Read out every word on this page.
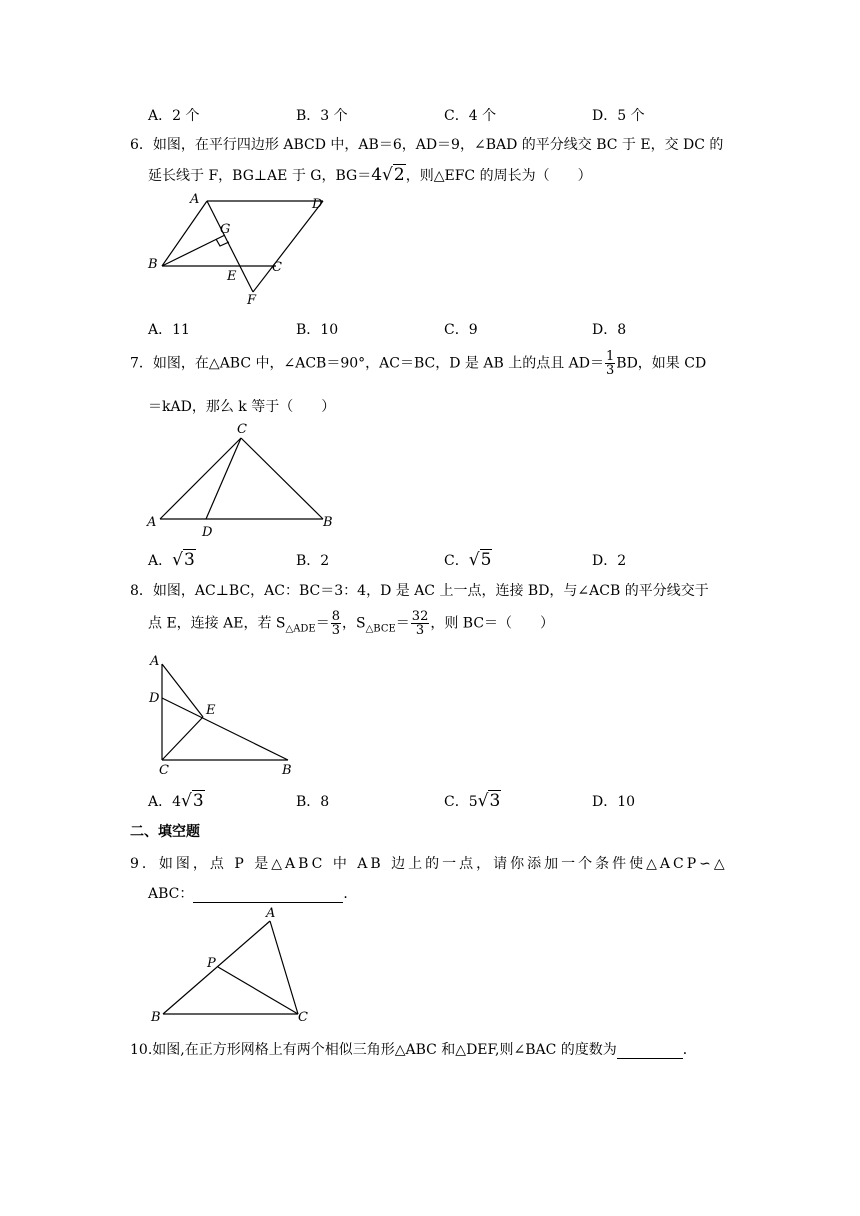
A．2 个	B．3 个	C．4 个	D．5 个
6．如图，在平行四边形 ABCD 中，AB＝6，AD＝9，∠BAD 的平分线交 BC 于 E，交 DC 的
延长线于 F，BG⊥AE 于 G，BG＝4√2，则△EFC 的周长为（　　）
A	D
G
B
E
C
F
A．11	B．10	C．9	D．8
7．如图，在△ABC 中，∠ACB＝90°，AC＝BC，D 是 AB 上的点且 $AD= \frac{1}{3}$ BD，如果 CD
＝kAD，那么 k 等于（　　）
C
A
D
B
A．√3	B．2	C．√5	D．2
8．如图，AC⊥BC，AC：BC＝3：4，D 是 AC 上一点，连接 BD，与∠ACB 的平分线交于
点 E，连接 AE，若 $S_{\triangle ADE}= \frac{8}{3}$ ，$S_{\triangle BCE}= \frac{32}{3}$ ，则 BC＝（　　）
A
D
E
C	B
A．4√3	B．8	C．5√3	D．10
二、填空题
9．如图，点 P 是△ABC 中 AB 边上的一点，请你添加一个条件使△ACP∽△
ABC：	．
A
P
B	C
10.如图,在正方形网格上有两个相似三角形△ABC 和△DEF,则∠BAC 的度数为	．
